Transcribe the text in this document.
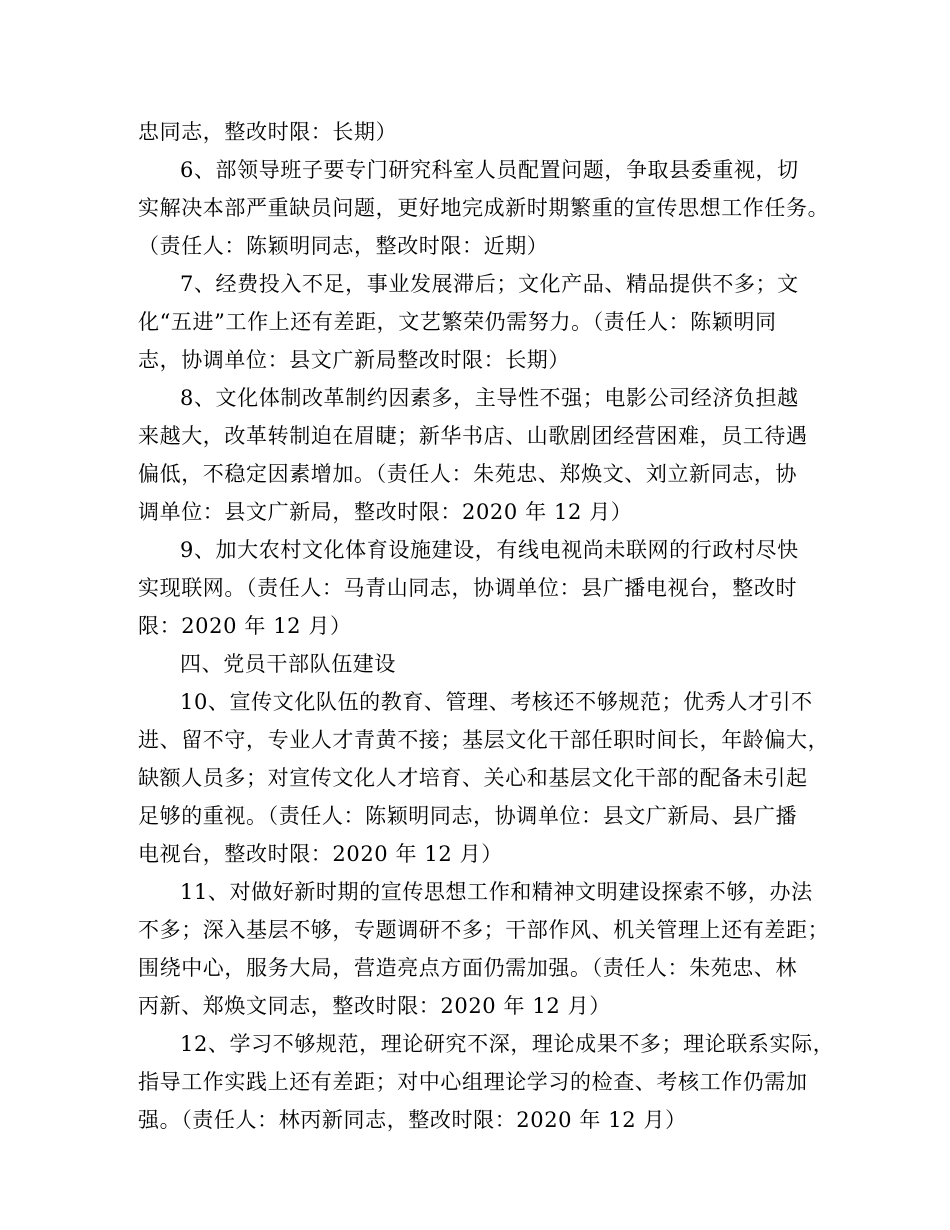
忠同志，整改时限：长期）
6、部领导班子要专门研究科室人员配置问题，争取县委重视，切
实解决本部严重缺员问题，更好地完成新时期繁重的宣传思想工作任务。
（责任人：陈颖明同志，整改时限：近期）
7、经费投入不足，事业发展滞后；文化产品、精品提供不多；文
化“五进”工作上还有差距，文艺繁荣仍需努力。（责任人：陈颖明同
志，协调单位：县文广新局整改时限：长期）
8、文化体制改革制约因素多，主导性不强；电影公司经济负担越
来越大，改革转制迫在眉睫；新华书店、山歌剧团经营困难，员工待遇
偏低，不稳定因素增加。（责任人：朱苑忠、郑焕文、刘立新同志，协
调单位：县文广新局，整改时限：2020 年 12 月）
9、加大农村文化体育设施建设，有线电视尚未联网的行政村尽快
实现联网。（责任人：马青山同志，协调单位：县广播电视台，整改时
限：2020 年 12 月）
四、党员干部队伍建设
10、宣传文化队伍的教育、管理、考核还不够规范；优秀人才引不
进、留不守，专业人才青黄不接；基层文化干部任职时间长，年龄偏大，
缺额人员多；对宣传文化人才培育、关心和基层文化干部的配备未引起
足够的重视。（责任人：陈颖明同志，协调单位：县文广新局、县广播
电视台，整改时限：2020 年 12 月）
11、对做好新时期的宣传思想工作和精神文明建设探索不够，办法
不多；深入基层不够，专题调研不多；干部作风、机关管理上还有差距；
围绕中心，服务大局，营造亮点方面仍需加强。（责任人：朱苑忠、林
丙新、郑焕文同志，整改时限：2020 年 12 月）
12、学习不够规范，理论研究不深，理论成果不多；理论联系实际，
指导工作实践上还有差距；对中心组理论学习的检查、考核工作仍需加
强。（责任人：林丙新同志，整改时限：2020 年 12 月）
